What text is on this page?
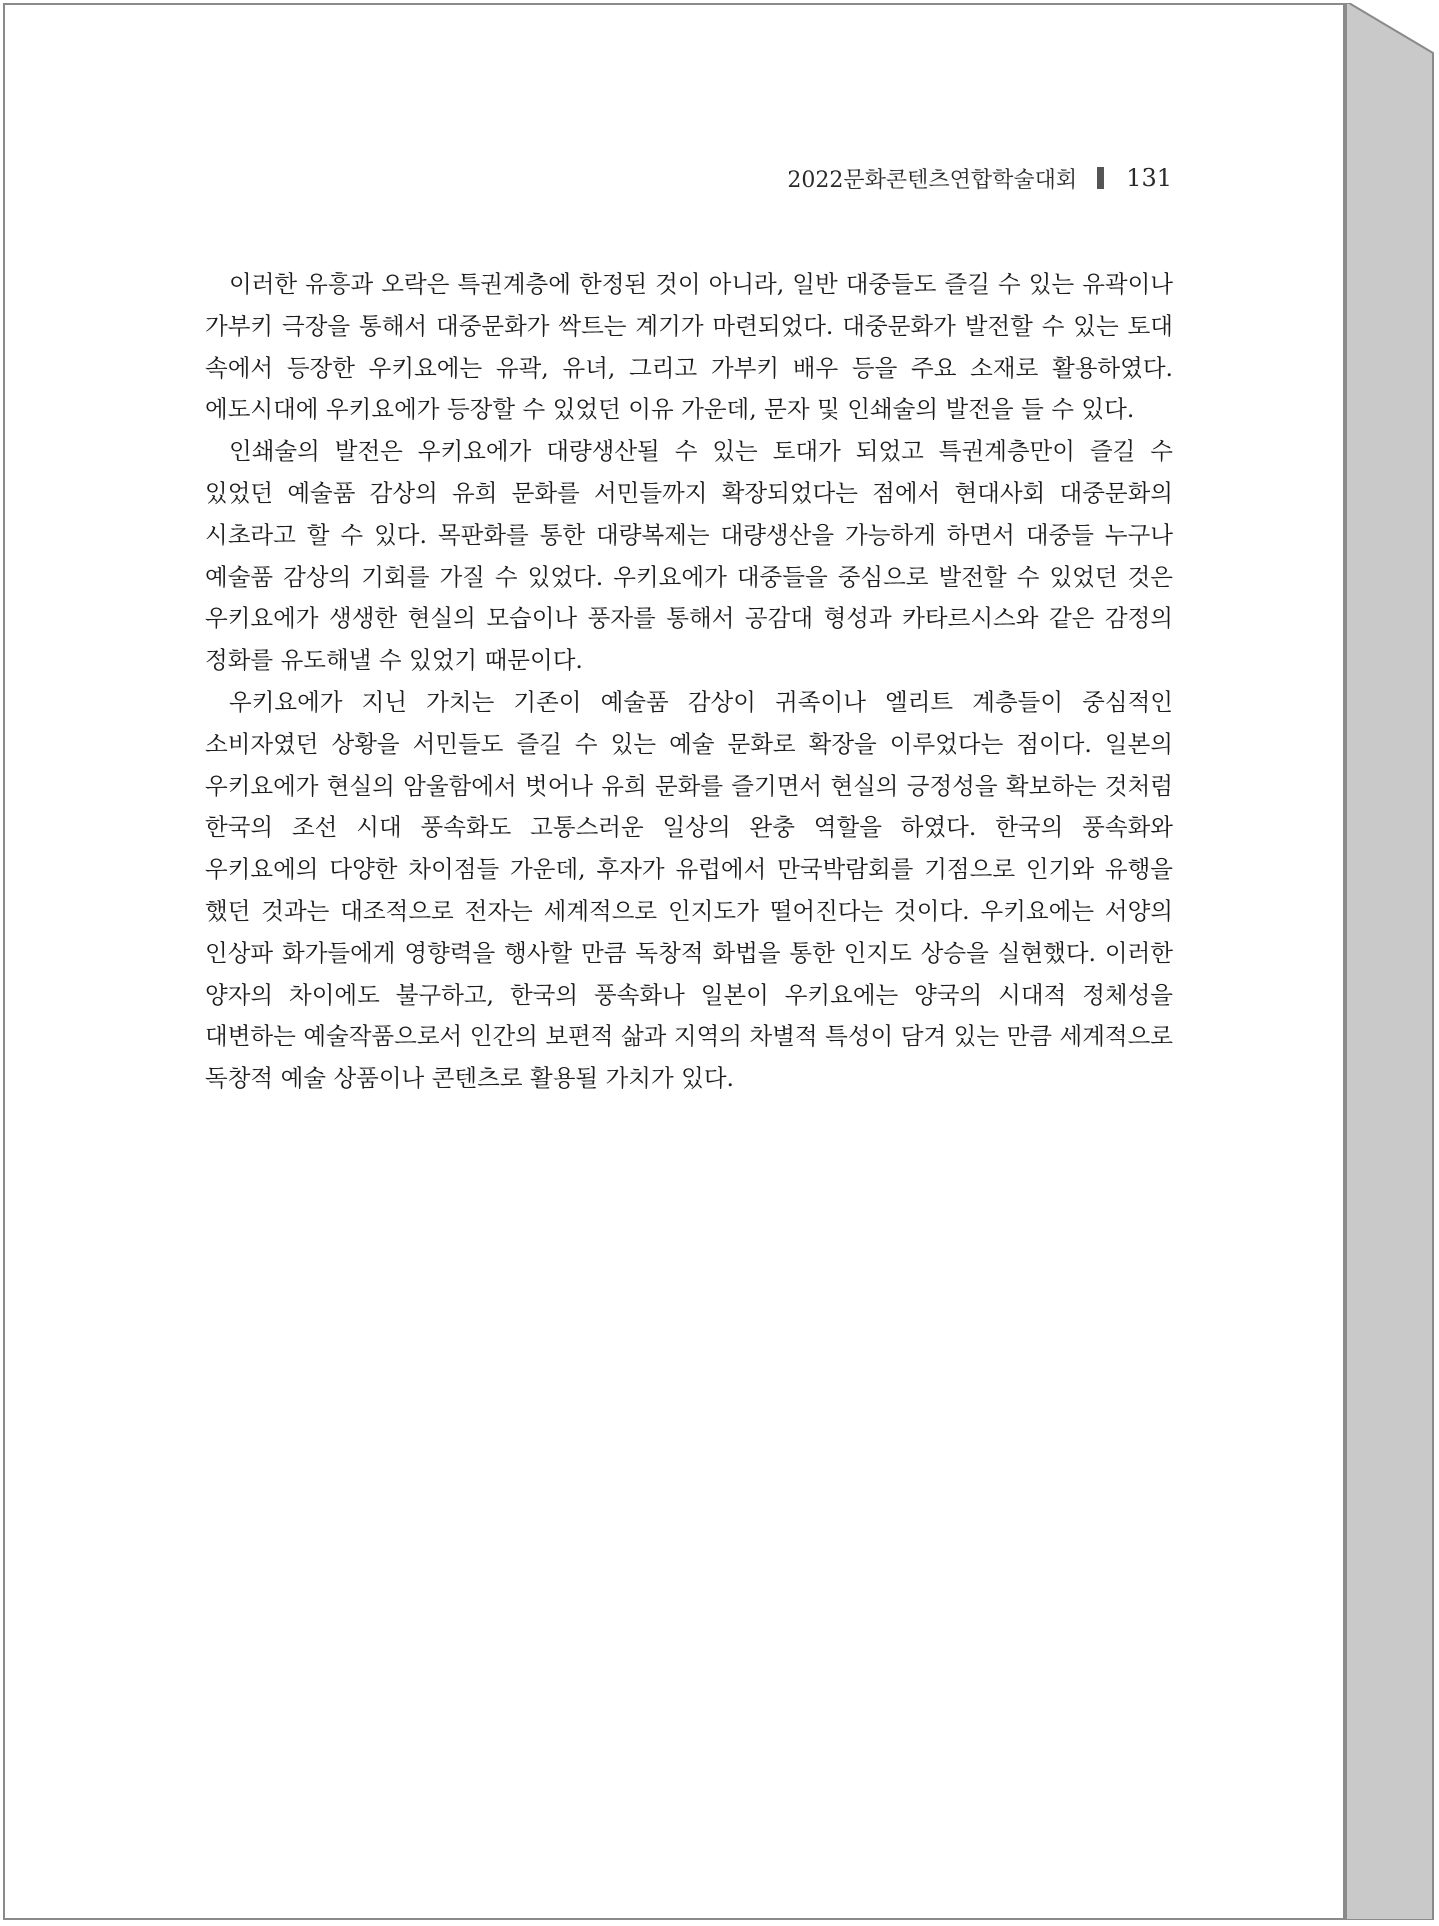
2022문화콘텐츠연합학술대회 131

이러한 유흥과 오락은 특권계층에 한정된 것이 아니라, 일반 대중들도 즐길 수 있는 유곽이나 가부키 극장을 통해서 대중문화가 싹트는 계기가 마련되었다. 대중문화가 발전할 수 있는 토대 속에서 등장한 우키요에는 유곽, 유녀, 그리고 가부키 배우 등을 주요 소재로 활용하였다. 에도시대에 우키요에가 등장할 수 있었던 이유 가운데, 문자 및 인쇄술의 발전을 들 수 있다.

인쇄술의 발전은 우키요에가 대량생산될 수 있는 토대가 되었고 특권계층만이 즐길 수 있었던 예술품 감상의 유희 문화를 서민들까지 확장되었다는 점에서 현대사회 대중문화의 시초라고 할 수 있다. 목판화를 통한 대량복제는 대량생산을 가능하게 하면서 대중들 누구나 예술품 감상의 기회를 가질 수 있었다. 우키요에가 대중들을 중심으로 발전할 수 있었던 것은 우키요에가 생생한 현실의 모습이나 풍자를 통해서 공감대 형성과 카타르시스와 같은 감정의 정화를 유도해낼 수 있었기 때문이다.

우키요에가 지닌 가치는 기존이 예술품 감상이 귀족이나 엘리트 계층들이 중심적인 소비자였던 상황을 서민들도 즐길 수 있는 예술 문화로 확장을 이루었다는 점이다. 일본의 우키요에가 현실의 암울함에서 벗어나 유희 문화를 즐기면서 현실의 긍정성을 확보하는 것처럼 한국의 조선 시대 풍속화도 고통스러운 일상의 완충 역할을 하였다. 한국의 풍속화와 우키요에의 다양한 차이점들 가운데, 후자가 유럽에서 만국박람회를 기점으로 인기와 유행을 했던 것과는 대조적으로 전자는 세계적으로 인지도가 떨어진다는 것이다. 우키요에는 서양의 인상파 화가들에게 영향력을 행사할 만큼 독창적 화법을 통한 인지도 상승을 실현했다. 이러한 양자의 차이에도 불구하고, 한국의 풍속화나 일본이 우키요에는 양국의 시대적 정체성을 대변하는 예술작품으로서 인간의 보편적 삶과 지역의 차별적 특성이 담겨 있는 만큼 세계적으로 독창적 예술 상품이나 콘텐츠로 활용될 가치가 있다.
